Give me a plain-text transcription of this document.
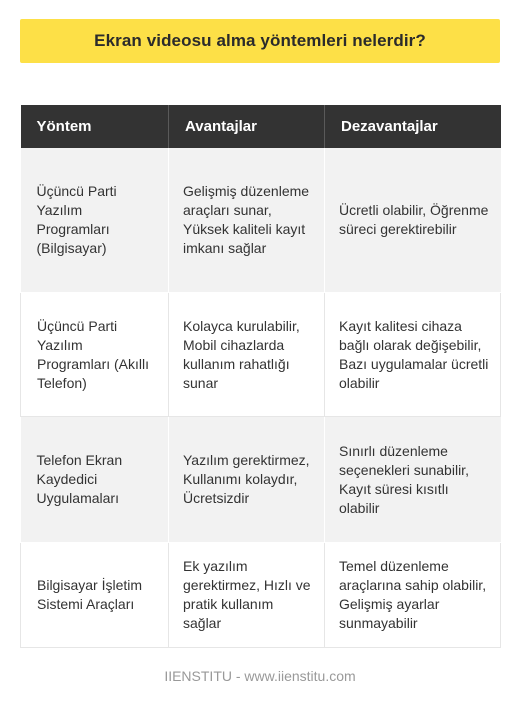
Ekran videosu alma yöntemleri nelerdir?
Yöntem	Avantajlar	Dezavantajlar
Üçüncü Parti Yazılım Programları (Bilgisayar)	Gelişmiş düzenleme araçları sunar, Yüksek kaliteli kayıt imkanı sağlar	Ücretli olabilir, Öğrenme süreci gerektirebilir
Üçüncü Parti Yazılım Programları (Akıllı Telefon)	Kolayca kurulabilir, Mobil cihazlarda kullanım rahatlığı sunar	Kayıt kalitesi cihaza bağlı olarak değişebilir, Bazı uygulamalar ücretli olabilir
Telefon Ekran Kaydedici Uygulamaları	Yazılım gerektirmez, Kullanımı kolaydır, Ücretsizdir	Sınırlı düzenleme seçenekleri sunabilir, Kayıt süresi kısıtlı olabilir
Bilgisayar İşletim Sistemi Araçları	Ek yazılım gerektirmez, Hızlı ve pratik kullanım sağlar	Temel düzenleme araçlarına sahip olabilir, Gelişmiş ayarlar sunmayabilir
IIENSTITU - www.iienstitu.com
